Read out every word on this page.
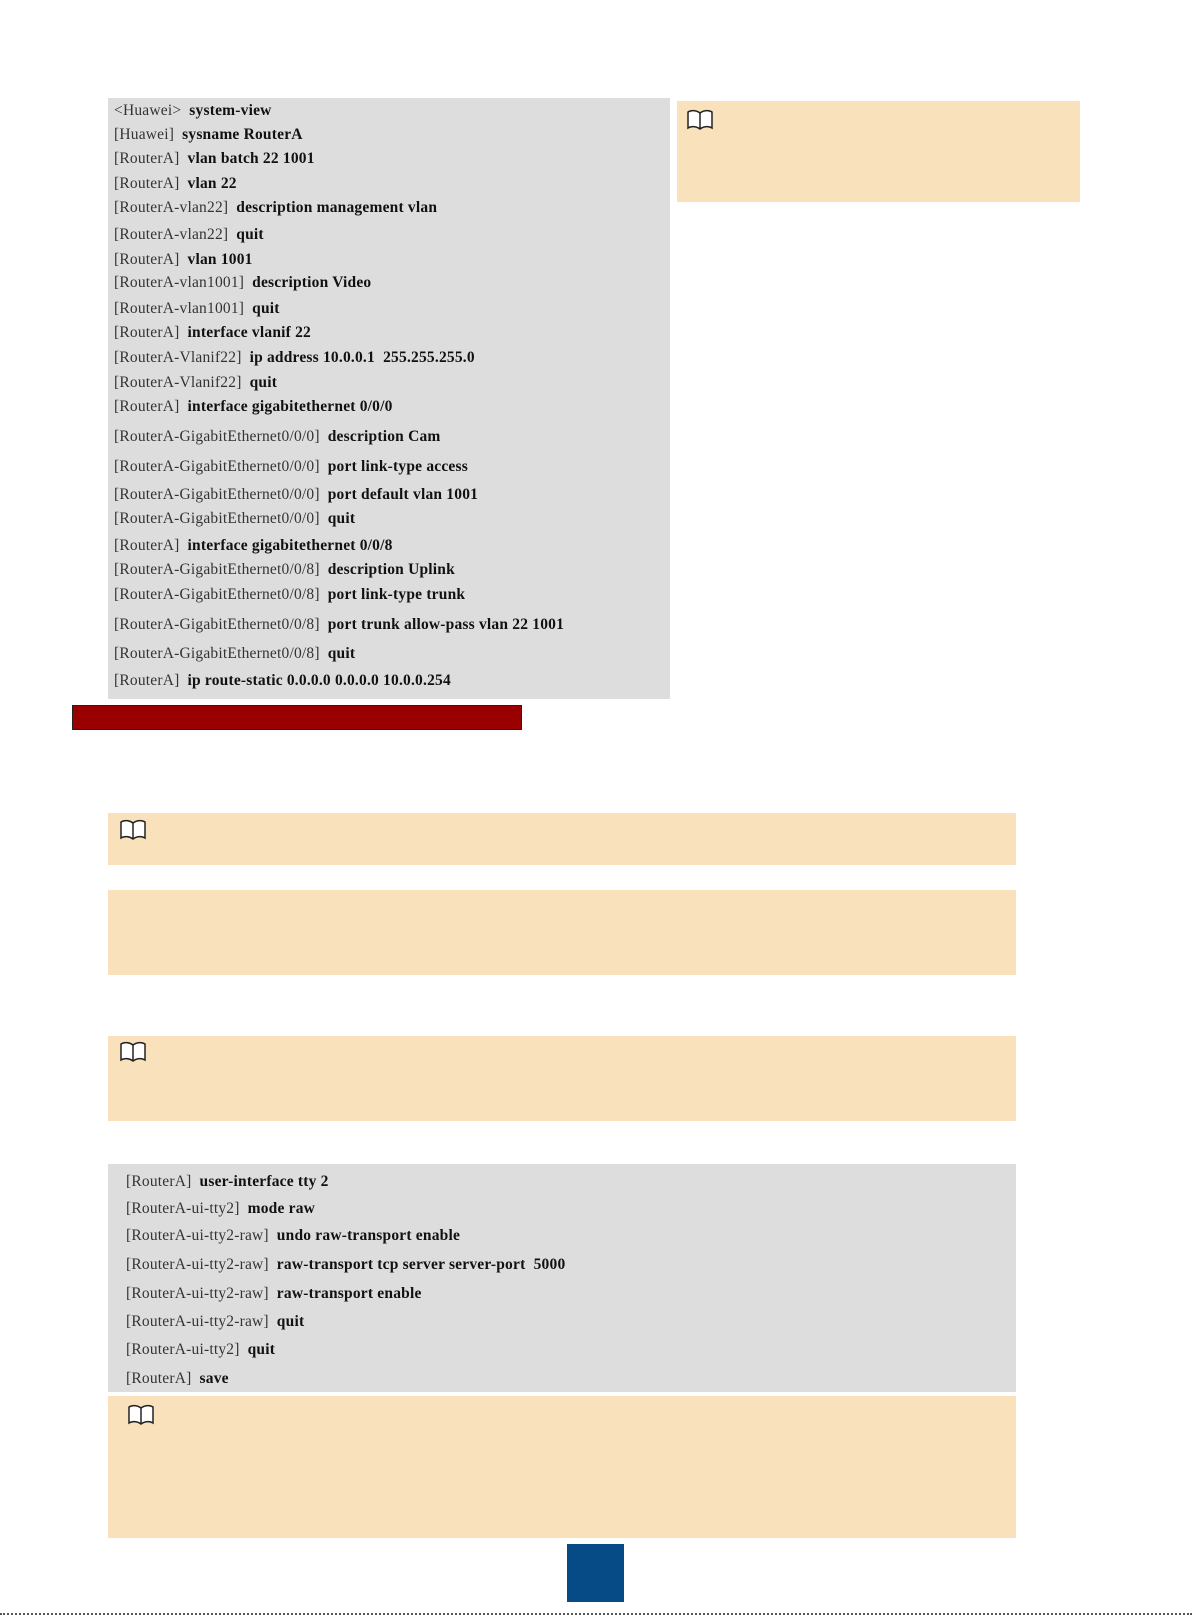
<Huawei> system-view
[Huawei] sysname RouterA
[RouterA] vlan batch 22 1001
[RouterA] vlan 22
[RouterA-vlan22] description management vlan
[RouterA-vlan22] quit
[RouterA] vlan 1001
[RouterA-vlan1001] description Video
[RouterA-vlan1001] quit
[RouterA] interface vlanif 22
[RouterA-Vlanif22] ip address 10.0.0.1  255.255.255.0
[RouterA-Vlanif22] quit
[RouterA] interface gigabitethernet 0/0/0
[RouterA-GigabitEthernet0/0/0] description Cam
[RouterA-GigabitEthernet0/0/0] port link-type access
[RouterA-GigabitEthernet0/0/0] port default vlan 1001
[RouterA-GigabitEthernet0/0/0] quit
[RouterA] interface gigabitethernet 0/0/8
[RouterA-GigabitEthernet0/0/8] description Uplink
[RouterA-GigabitEthernet0/0/8] port link-type trunk
[RouterA-GigabitEthernet0/0/8] port trunk allow-pass vlan 22 1001
[RouterA-GigabitEthernet0/0/8] quit
[RouterA] ip route-static 0.0.0.0 0.0.0.0 10.0.0.254
[RouterA] user-interface tty 2
[RouterA-ui-tty2] mode raw
[RouterA-ui-tty2-raw] undo raw-transport enable
[RouterA-ui-tty2-raw] raw-transport tcp server server-port  5000
[RouterA-ui-tty2-raw] raw-transport enable
[RouterA-ui-tty2-raw] quit
[RouterA-ui-tty2] quit
[RouterA] save
